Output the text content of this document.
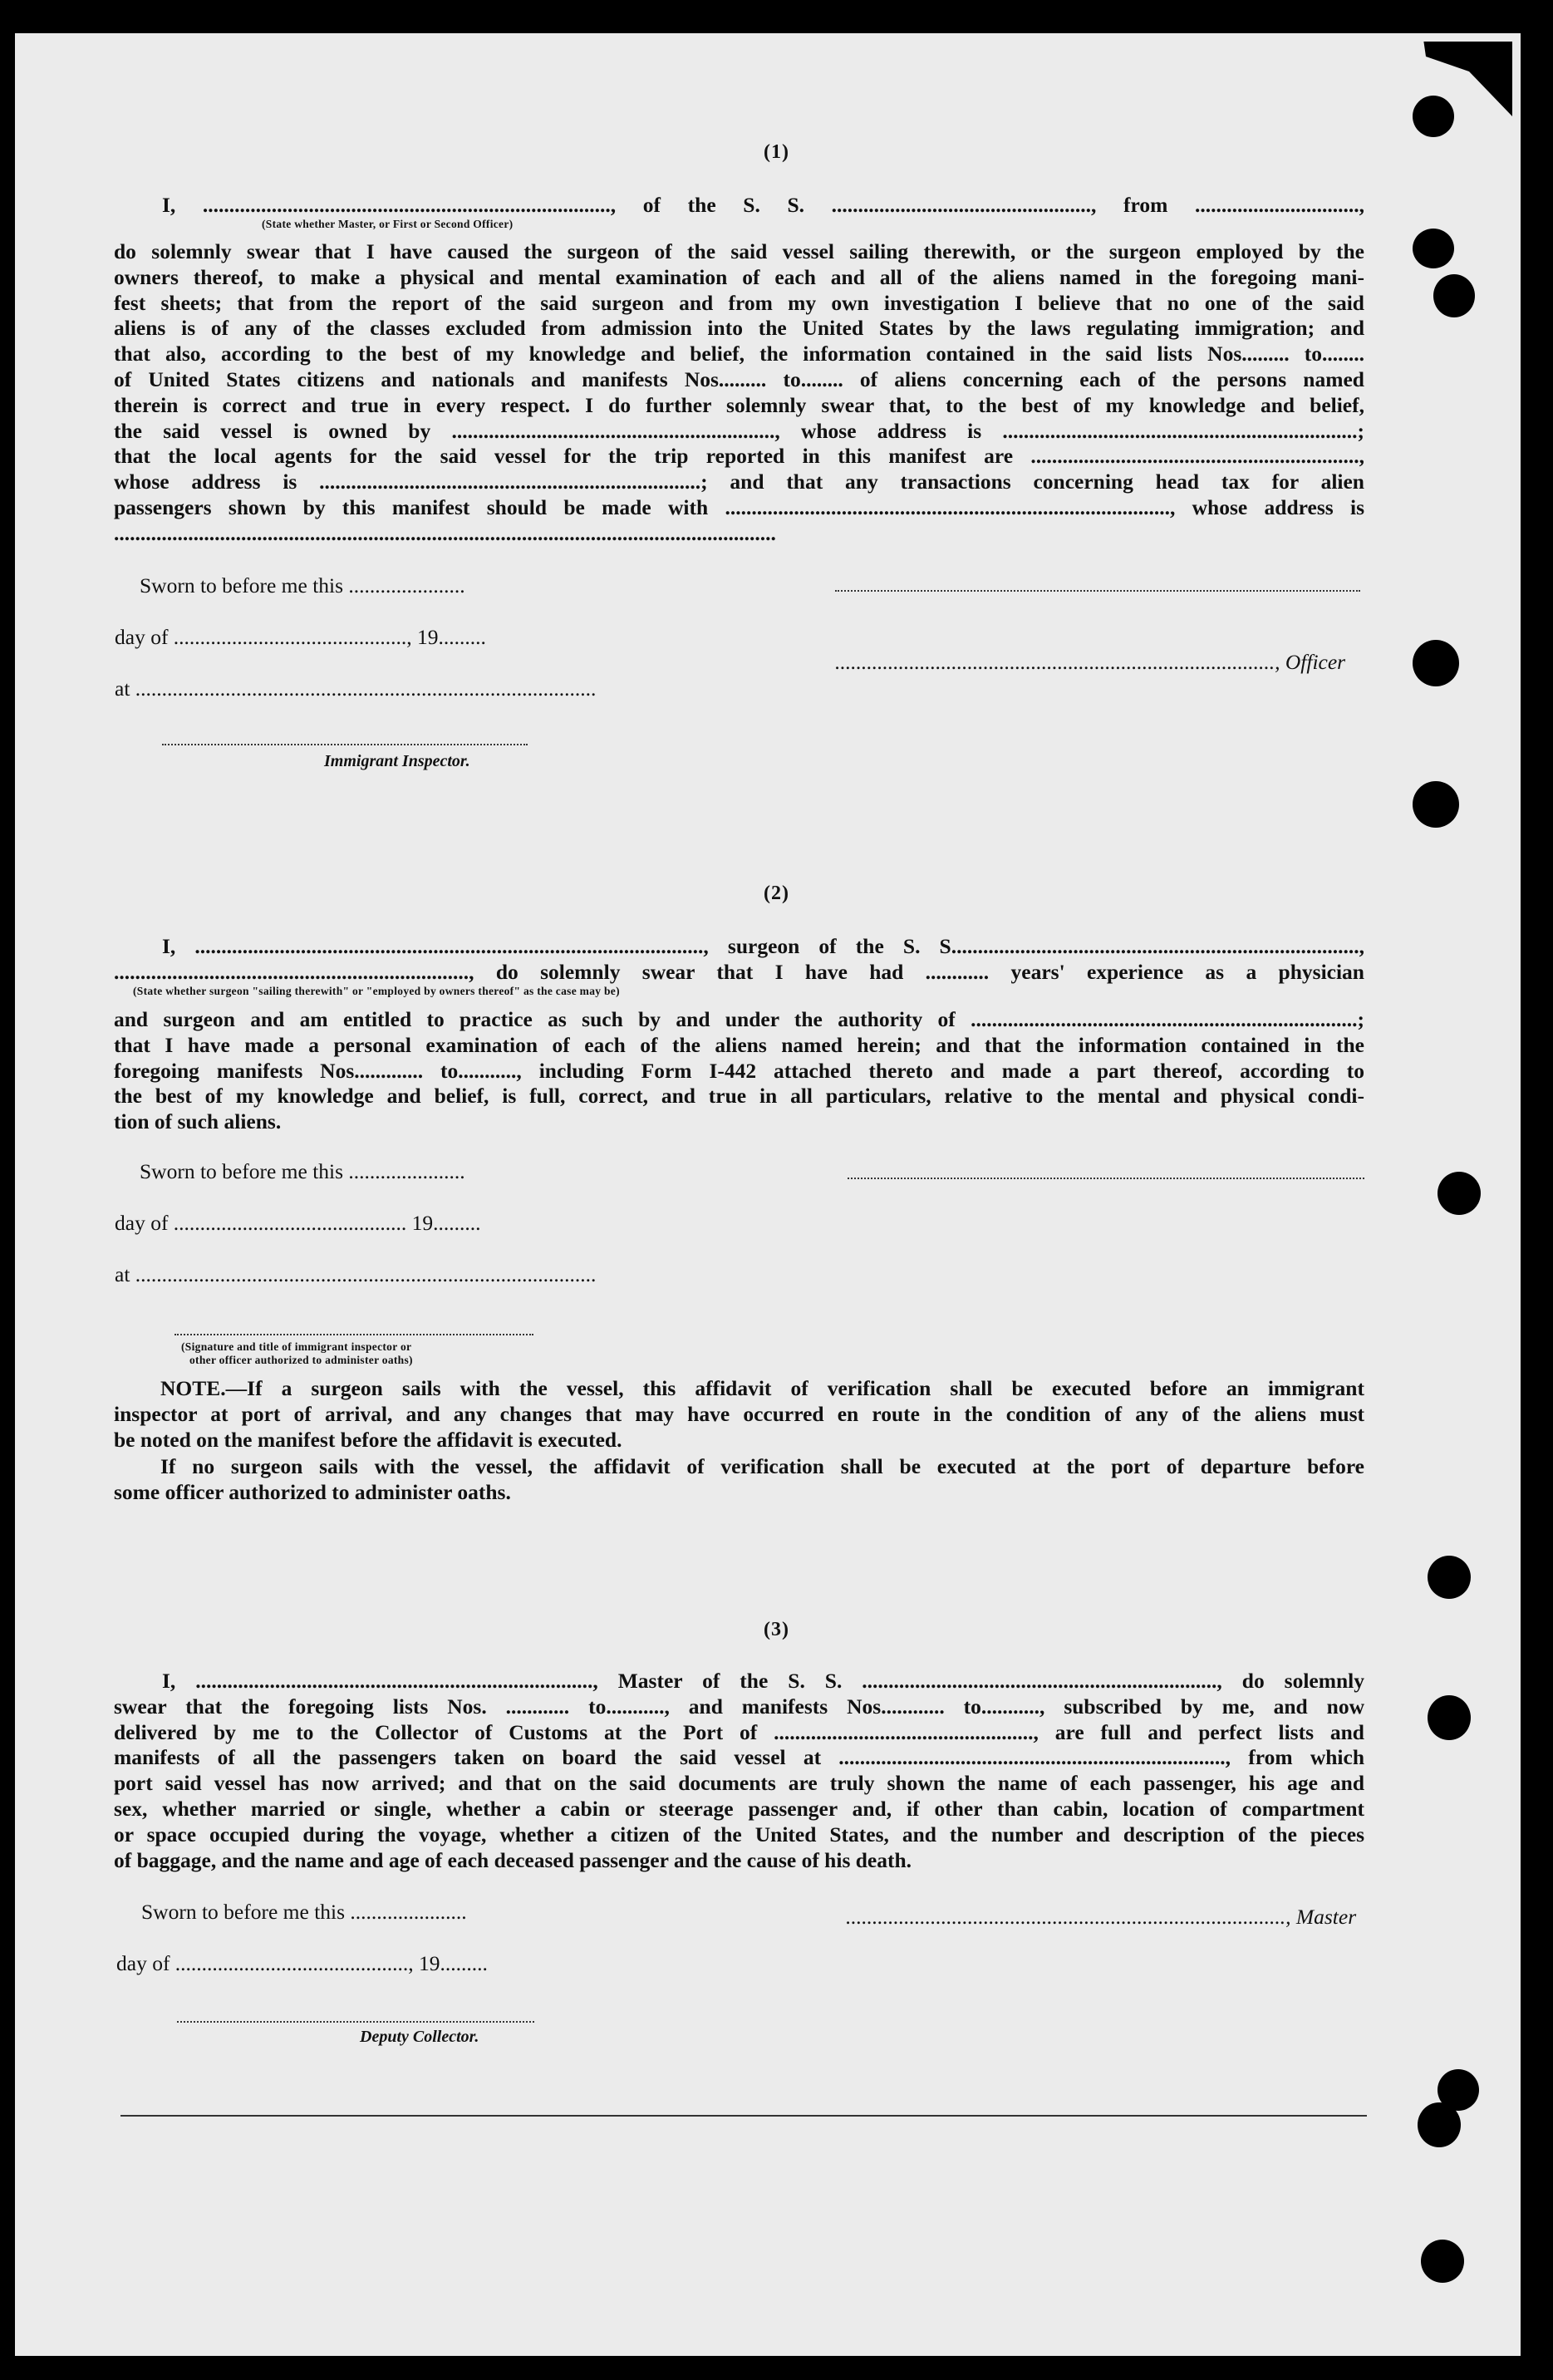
(1)
I, ............................................................................., of the S. S. ................................................., from ...............................,
(State whether Master, or First or Second Officer)
do solemnly swear that I have caused the surgeon of the said vessel sailing therewith, or the surgeon employed by the
owners thereof, to make a physical and mental examination of each and all of the aliens named in the foregoing mani-
fest sheets; that from the report of the said surgeon and from my own investigation I believe that no one of the said
aliens is of any of the classes excluded from admission into the United States by the laws regulating immigration; and
that also, according to the best of my knowledge and belief, the information contained in the said lists Nos......... to........
of United States citizens and nationals and manifests Nos......... to........ of aliens concerning each of the persons named
therein is correct and true in every respect. I do further solemnly swear that, to the best of my knowledge and belief,
the said vessel is owned by ............................................................., whose address is ...................................................................;
that the local agents for the said vessel for the trip reported in this manifest are ..............................................................,
whose address is ........................................................................; and that any transactions concerning head tax for alien
passengers shown by this manifest should be made with ...................................................................................., whose address is
.............................................................................................................................
Sworn to before me this ......................
day of ............................................, 19.........
at .......................................................................................
Immigrant Inspector.
..................................................................................., Officer
(2)
I, ................................................................................................, surgeon of the S. S.............................................................................,
..................................................................., do solemnly swear that I have had ............ years' experience as a physician
(State whether surgeon "sailing therewith" or "employed by owners thereof" as the case may be)
and surgeon and am entitled to practice as such by and under the authority of .........................................................................;
that I have made a personal examination of each of the aliens named herein; and that the information contained in the
foregoing manifests Nos............. to..........., including Form I-442 attached thereto and made a part thereof, according to
the best of my knowledge and belief, is full, correct, and true in all particulars, relative to the mental and physical condi-
tion of such aliens.
Sworn to before me this ......................
day of ............................................ 19.........
at .......................................................................................
(Signature and title of immigrant inspector or
other officer authorized to administer oaths)
NOTE.—If a surgeon sails with the vessel, this affidavit of verification shall be executed before an immigrant
inspector at port of arrival, and any changes that may have occurred en route in the condition of any of the aliens must
be noted on the manifest before the affidavit is executed.
If no surgeon sails with the vessel, the affidavit of verification shall be executed at the port of departure before
some officer authorized to administer oaths.
(3)
I, ..........................................................................., Master of the S. S. ..................................................................., do solemnly
swear that the foregoing lists Nos. ............ to..........., and manifests Nos............ to..........., subscribed by me, and now
delivered by me to the Collector of Customs at the Port of ................................................., are full and perfect lists and
manifests of all the passengers taken on board the said vessel at ........................................................................., from which
port said vessel has now arrived; and that on the said documents are truly shown the name of each passenger, his age and
sex, whether married or single, whether a cabin or steerage passenger and, if other than cabin, location of compartment
or space occupied during the voyage, whether a citizen of the United States, and the number and description of the pieces
of baggage, and the name and age of each deceased passenger and the cause of his death.
Sworn to before me this ......................
day of ............................................, 19.........
Deputy Collector.
..................................................................................., Master
